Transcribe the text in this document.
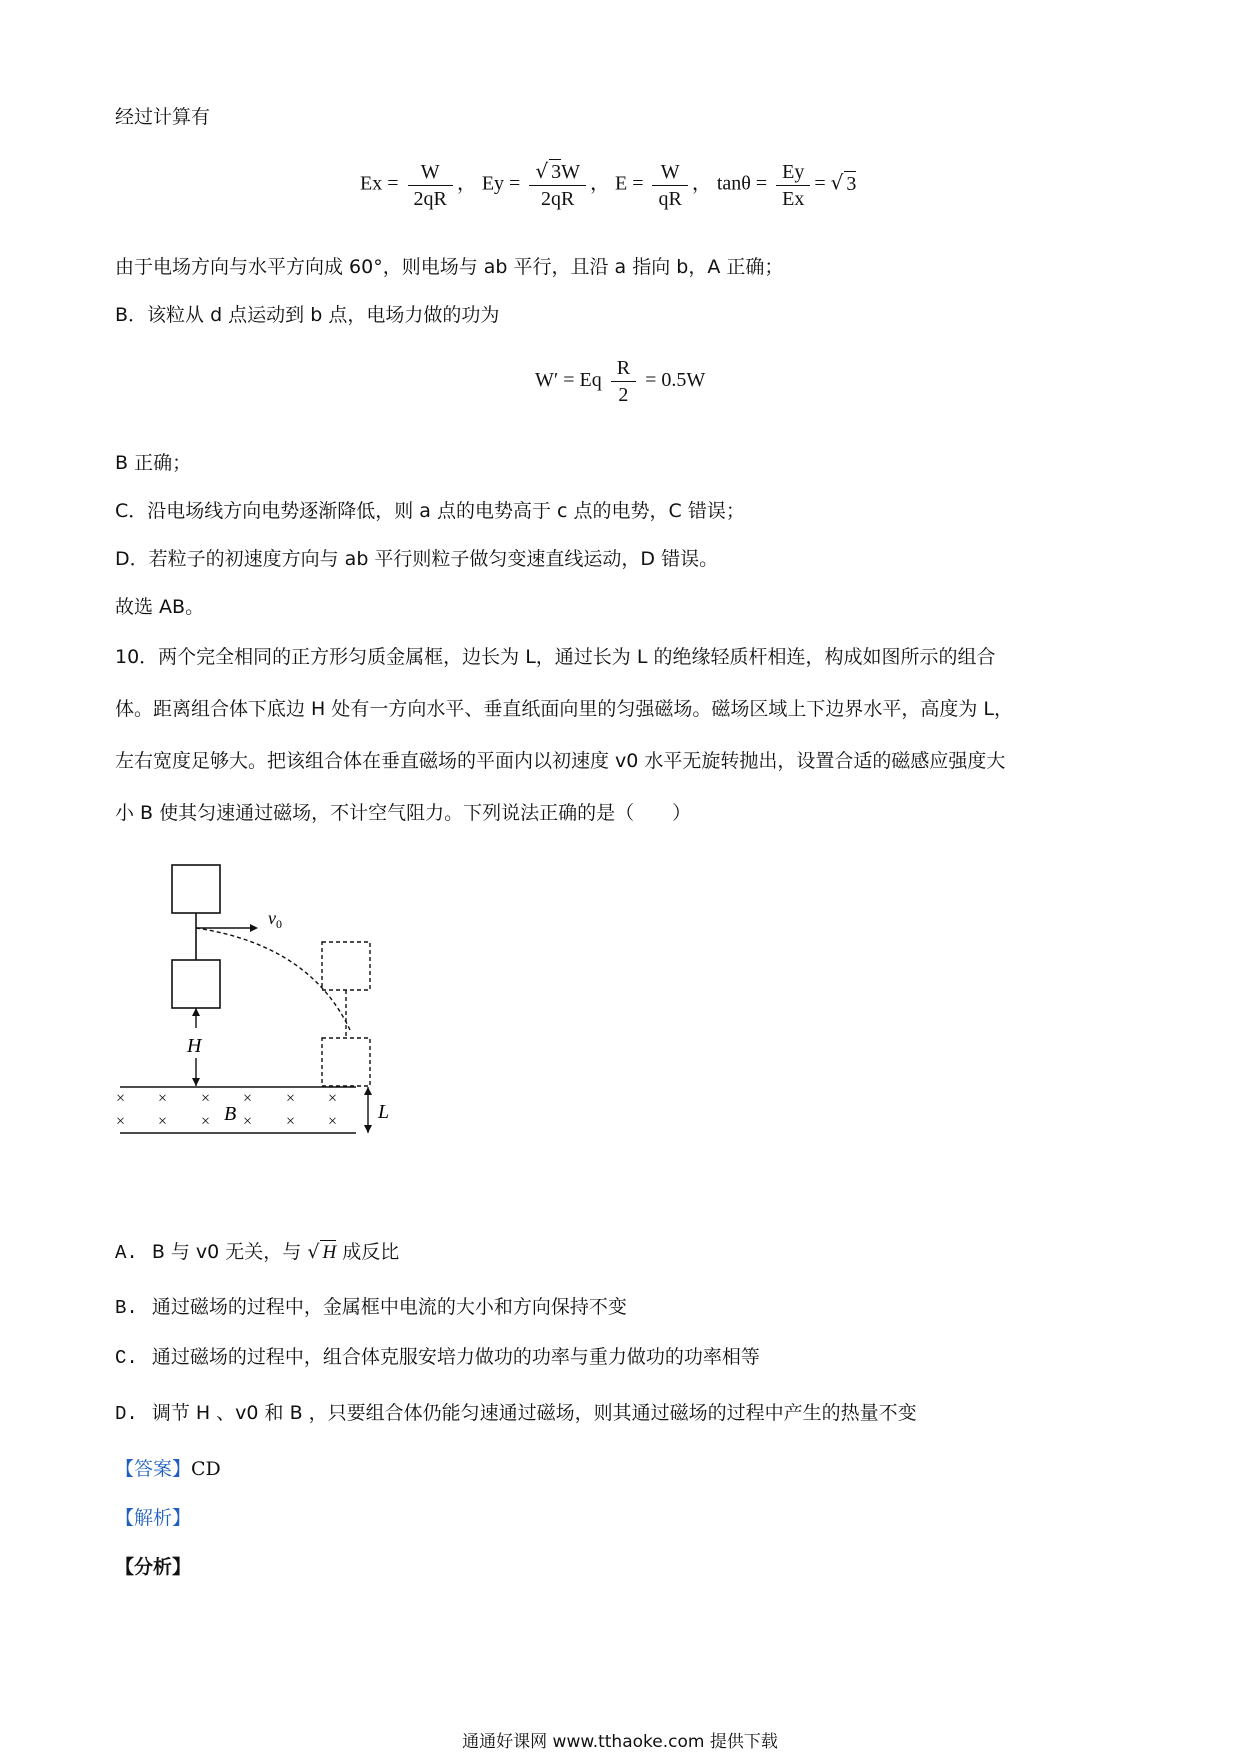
经过计算有
$Ex = \frac{W}{2qR}$ ， $Ey = \frac{√ 3W}{2qR}$ ， $E = \frac{W}{qR}$ ， $\tan\theta = \frac{Ey}{Ex}$ = √ 3
由于电场方向与水平方向成 60°，则电场与 ab 平行，且沿 a 指向 b，A 正确；
B．该粒从 d 点运动到 b 点，电场力做的功为
W′ = Eq $\frac{R}{2} = 0.5W$
B 正确；
C．沿电场线方向电势逐渐降低，则 a 点的电势高于 c 点的电势，C 错误；
D．若粒子的初速度方向与 ab 平行则粒子做匀变速直线运动，D 错误。
故选 AB。
10．两个完全相同的正方形匀质金属框，边长为 L，通过长为 L 的绝缘轻质杆相连，构成如图所示的组合
体。距离组合体下底边 H 处有一方向水平、垂直纸面向里的匀强磁场。磁场区域上下边界水平，高度为 L，
左右宽度足够大。把该组合体在垂直磁场的平面内以初速度 v0 水平无旋转抛出，设置合适的磁感应强度大
小 B 使其匀速通过磁场，不计空气阻力。下列说法正确的是（　　）
$v_0$
H
× × × × × ×
× × × × × ×
B	L
A. B 与 v0 无关，与 √ H 成反比
B. 通过磁场的过程中，金属框中电流的大小和方向保持不变
C. 通过磁场的过程中，组合体克服安培力做功的功率与重力做功的功率相等
D. 调节 H 、v0 和 B ，只要组合体仍能匀速通过磁场，则其通过磁场的过程中产生的热量不变
【答案】CD
【解析】
【分析】
通通好课网 www.tthaoke.com 提供下载
